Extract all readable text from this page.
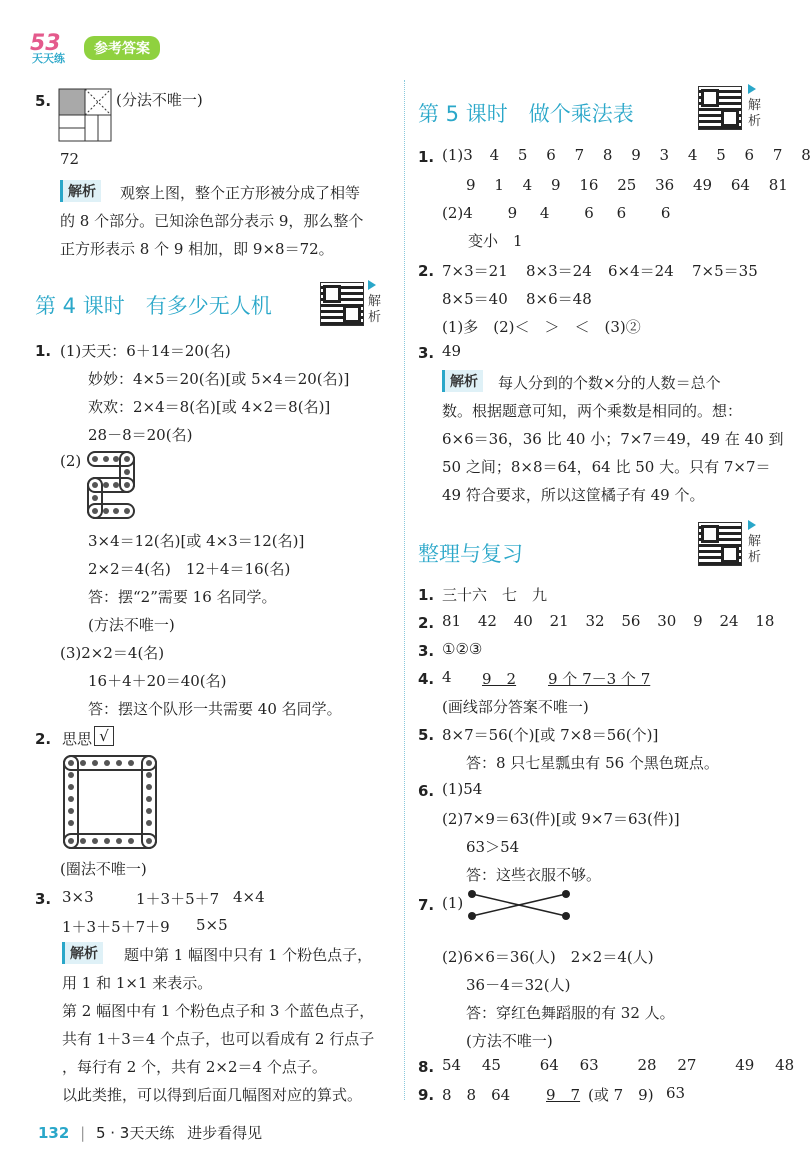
53
天天练
参考答案
5.	(分法不唯一)
72
解析	观察上图，整个正方形被分成了相等
的 8 个部分。已知涂色部分表示 9，那么整个
正方形表示 8 个 9 相加，即 9×8＝72。
第 4 课时　有多少无人机	解析
1. (1)天天：6＋14＝20(名)
妙妙：4×5＝20(名)[或 5×4＝20(名)]
欢欢：2×4＝8(名)[或 4×2＝8(名)]
28－8＝20(名)
(2)
3×4＝12(名)[或 4×3＝12(名)]
2×2＝4(名)　12＋4＝16(名)
答：摆“2”需要 16 名同学。
(方法不唯一)
(3)2×2＝4(名)
16＋4＋20＝40(名)
答：摆这个队形一共需要 40 名同学。
2. 思思 √
(圈法不唯一)
3. 3×3	1＋3＋5＋7 4×4
1＋3＋5＋7＋9 5×5
解析	题中第 1 幅图中只有 1 个粉色点子，
用 1 和 1×1 来表示。
第 2 幅图中有 1 个粉色点子和 3 个蓝色点子，
共有 1＋3＝4 个点子，也可以看成有 2 行点子
，每行有 2 个，共有 2×2＝4 个点子。
以此类推，可以得到后面几幅图对应的算式。
第 5 课时　做个乘法表	解析
1. (1)3 4 5 6 7 8 9 3 4 5 6 7 8
9 1 4 9 16 25 36 49 64 81
(2)4 9 4 6 6 6
变小　1
2. 7×3＝21 8×3＝24 6×4＝24 7×5＝35
8×5＝40 8×6＝48
(1)多　(2)＜　＞　＜　(3)②
3. 49
解析	每人分到的个数×分的人数＝总个
数。根据题意可知，两个乘数是相同的。想：
6×6＝36，36 比 40 小；7×7＝49，49 在 40 到
50 之间；8×8＝64，64 比 50 大。只有 7×7＝
49 符合要求，所以这筐橘子有 49 个。
整理与复习
解析
1. 三十六　七　九
2. 81 42 40 21 32 56 30 9 24 18
3. ①②③
4. 4 9　2 9 个 7－3 个 7
(画线部分答案不唯一)
5. 8×7＝56(个)[或 7×8＝56(个)]
答：8 只七星瓢虫有 56 个黑色斑点。
6. (1)54
(2)7×9＝63(件)[或 9×7＝63(件)]
63＞54
答：这些衣服不够。
7. (1)
(2)6×6＝36(人)　2×2＝4(人)
36－4＝32(人)
答：穿红色舞蹈服的有 32 人。
(方法不唯一)
8. 54 45	64 63	28 27	49 48
9. 8　8　64 9　7 (或 7　9) 63
132 | 5 · 3天天练 进步看得见
